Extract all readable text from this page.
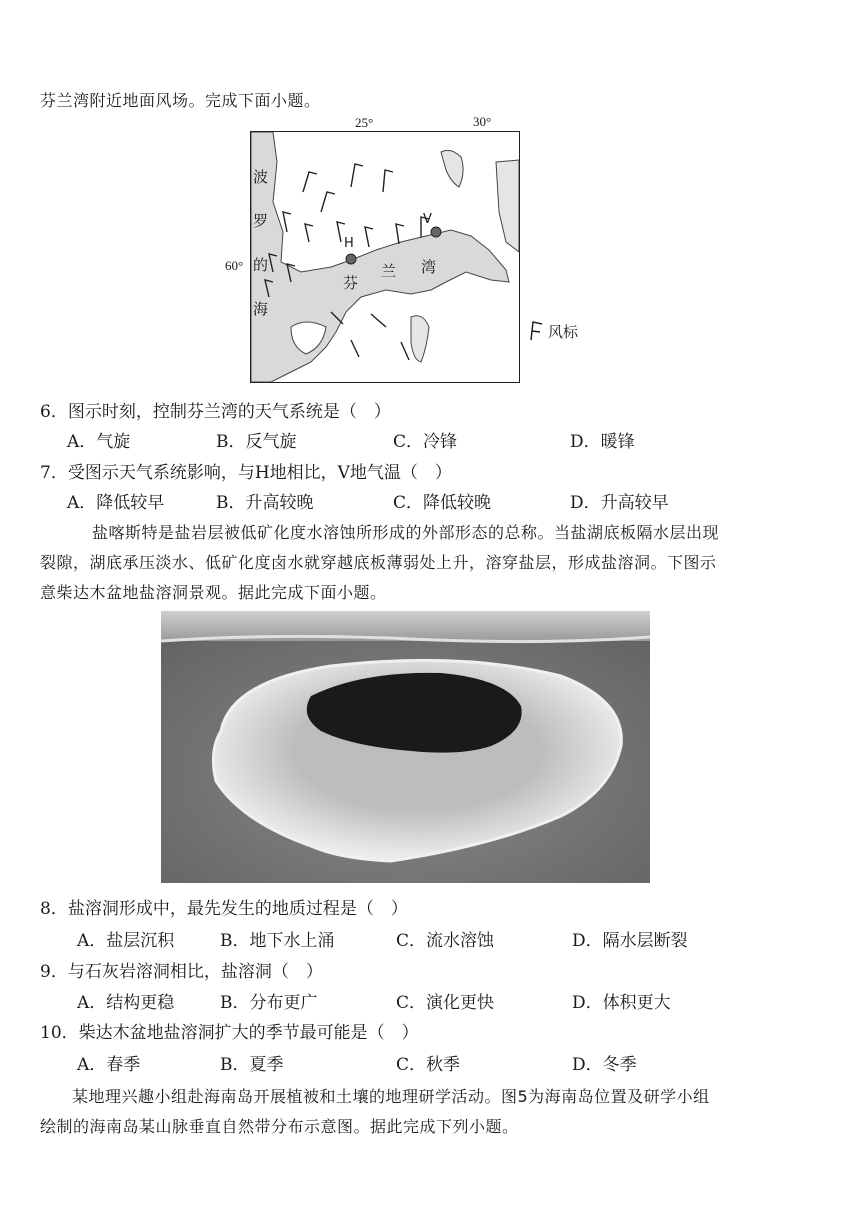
芬兰湾附近地面风场。完成下面小题。
25°	30°
60°
H
V
波
罗
的
海
芬
兰 湾
风标
6．图示时刻，控制芬兰湾的天气系统是（　）
A．气旋	B．反气旋	C．冷锋	D．暖锋
7．受图示天气系统影响，与H地相比，V地气温（　）
A．降低较早	B．升高较晚	C．降低较晚	D．升高较早
盐喀斯特是盐岩层被低矿化度水溶蚀所形成的外部形态的总称。当盐湖底板隔水层出现
裂隙，湖底承压淡水、低矿化度卤水就穿越底板薄弱处上升，溶穿盐层，形成盐溶洞。下图示
意柴达木盆地盐溶洞景观。据此完成下面小题。
8．盐溶洞形成中，最先发生的地质过程是（　）
A．盐层沉积	B．地下水上涌	C．流水溶蚀	D．隔水层断裂
9．与石灰岩溶洞相比，盐溶洞（　）
A．结构更稳	B．分布更广	C．演化更快	D．体积更大
10．柴达木盆地盐溶洞扩大的季节最可能是（　）
A．春季	B．夏季	C．秋季	D．冬季
某地理兴趣小组赴海南岛开展植被和土壤的地理研学活动。图5为海南岛位置及研学小组
绘制的海南岛某山脉垂直自然带分布示意图。据此完成下列小题。
